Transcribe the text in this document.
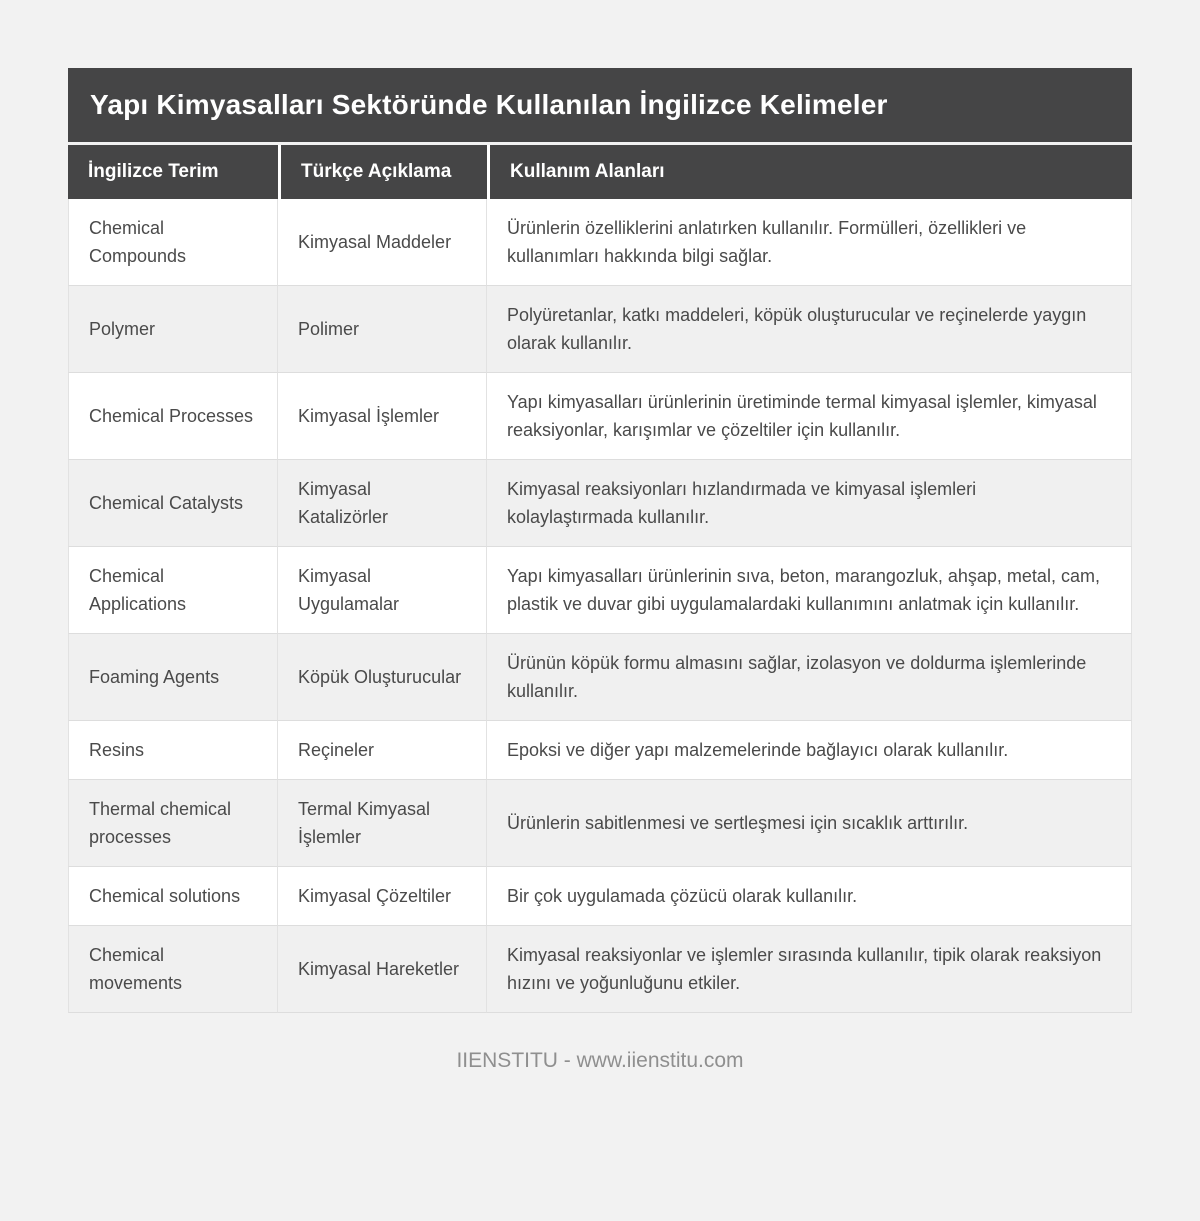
Yapı Kimyasalları Sektöründe Kullanılan İngilizce Kelimeler
İngilizce Terim	Türkçe Açıklama	Kullanım Alanları
Chemical Compounds	Kimyasal Maddeler	Ürünlerin özelliklerini anlatırken kullanılır. Formülleri, özellikleri ve kullanımları hakkında bilgi sağlar.
Polymer	Polimer	Polyüretanlar, katkı maddeleri, köpük oluşturucular ve reçinelerde yaygın olarak kullanılır.
Chemical Processes	Kimyasal İşlemler	Yapı kimyasalları ürünlerinin üretiminde termal kimyasal işlemler, kimyasal reaksiyonlar, karışımlar ve çözeltiler için kullanılır.
Chemical Catalysts	Kimyasal Katalizörler	Kimyasal reaksiyonları hızlandırmada ve kimyasal işlemleri kolaylaştırmada kullanılır.
Chemical Applications	Kimyasal Uygulamalar	Yapı kimyasalları ürünlerinin sıva, beton, marangozluk, ahşap, metal, cam, plastik ve duvar gibi uygulamalardaki kullanımını anlatmak için kullanılır.
Foaming Agents	Köpük Oluşturucular	Ürünün köpük formu almasını sağlar, izolasyon ve doldurma işlemlerinde kullanılır.
Resins	Reçineler	Epoksi ve diğer yapı malzemelerinde bağlayıcı olarak kullanılır.
Thermal chemical processes	Termal Kimyasal İşlemler	Ürünlerin sabitlenmesi ve sertleşmesi için sıcaklık arttırılır.
Chemical solutions	Kimyasal Çözeltiler	Bir çok uygulamada çözücü olarak kullanılır.
Chemical movements	Kimyasal Hareketler	Kimyasal reaksiyonlar ve işlemler sırasında kullanılır, tipik olarak reaksiyon hızını ve yoğunluğunu etkiler.
IIENSTITU - www.iienstitu.com
